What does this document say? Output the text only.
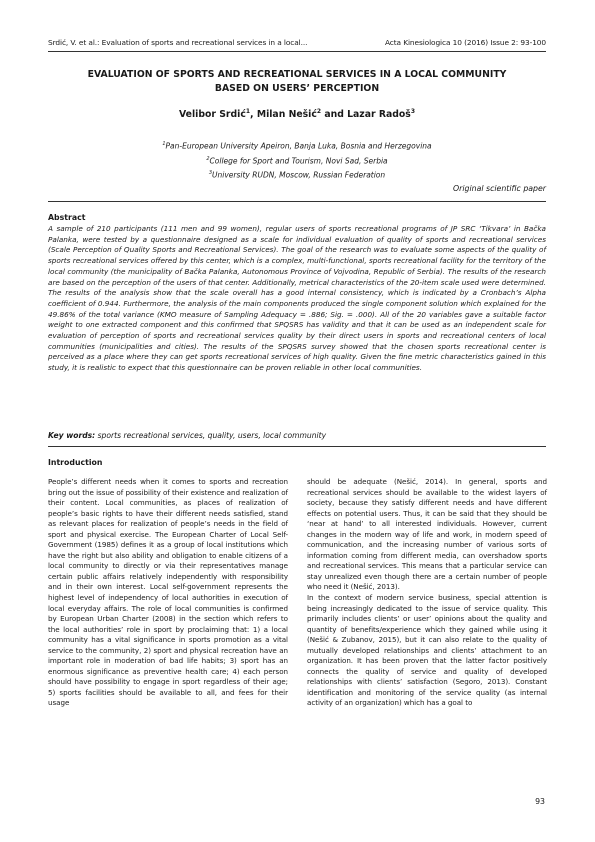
Srdić, V. et al.: Evaluation of sports and recreational services in a local...	Acta Kinesiologica 10 (2016) Issue 2: 93-100
EVALUATION OF SPORTS AND RECREATIONAL SERVICES IN A LOCAL COMMUNITY
BASED ON USERS’ PERCEPTION
Velibor Srdić$^1$, Milan Nešić$^2$ and Lazar Radoš$^3$
$^1$Pan-European University Apeiron, Banja Luka, Bosnia and Herzegovina
$^2$College for Sport and Tourism, Novi Sad, Serbia
$^3$University RUDN, Moscow, Russian Federation
Original scientific paper
Abstract
A sample of 210 participants (111 men and 99 women), regular users of sports recreational programs of JP SRC ‘Tikvara’ in Bačka Palanka, were tested by a questionnaire designed as a scale for individual evaluation of quality of sports and recreational services (Scale Perception of Quality Sports and Recreational Services). The goal of the research was to evaluate some aspects of the quality of sports recreational services offered by this center, which is a complex, multi-functional, sports recreational facility for the territory of the local community (the municipality of Bačka Palanka, Autonomous Province of Vojvodina, Republic of Serbia). The results of the research are based on the perception of the users of that center. Additionally, metrical characteristics of the 20-item scale used were determined. The results of the analysis show that the scale overall has a good internal consistency, which is indicated by a Cronbach’s Alpha coefficient of 0.944. Furthermore, the analysis of the main components produced the single component solution which explained for the 49.86% of the total variance (KMO measure of Sampling Adequacy = .886; Sig. = .000). All of the 20 variables gave a suitable factor weight to one extracted component and this confirmed that SPQSRS has validity and that it can be used as an independent scale for evaluation of perception of sports and recreational services quality by their direct users in sports and recreational centers of local communities (municipalities and cities). The results of the SPQSRS survey showed that the chosen sports recreational center is perceived as a place where they can get sports recreational services of high quality. Given the fine metric characteristics gained in this study, it is realistic to expect that this questionnaire can be proven reliable in other local communities.
Key words: sports recreational services, quality, users, local community
Introduction

People’s different needs when it comes to sports and recreation bring out the issue of possibility of their existence and realization of their content. Local communities, as places of realization of people’s basic rights to have their different needs satisfied, stand as relevant places for realization of people’s needs in the field of sport and physical exercise. The European Charter of Local Self-Government (1985) defines it as a group of local institutions which have the right but also ability and obligation to enable citizens of a local community to directly or via their representatives manage certain public affairs relatively independently with responsibility and in their own interest. Local self-government represents the highest level of independency of local authorities in execution of local everyday affairs. The role of local communities is confirmed by European Urban Charter (2008) in the section which refers to the local authorities’ role in sport by proclaiming that: 1) a local community has a vital significance in sports promotion as a vital service to the community, 2) sport and physical recreation have an important role in moderation of bad life habits; 3) sport has an enormous significance as preventive health care; 4) each person should have possibility to engage in sport regardless of their age; 5) sports facilities should be available to all, and fees for their usage

should be adequate (Nešić, 2014). In general, sports and recreational services should be available to the widest layers of society, because they satisfy different needs and have different effects on potential users. Thus, it can be said that they should be ‘near at hand’ to all interested individuals. However, current changes in the modern way of life and work, in modern speed of communication, and the increasing number of various sorts of information coming from different media, can overshadow sports and recreational services. This means that a particular service can stay unrealized even though there are a certain number of people who need it (Nešić, 2013).

In the context of modern service business, special attention is being increasingly dedicated to the issue of service quality. This primarily includes clients’ or user’ opinions about the quality and quantity of benefits/experience which they gained while using it (Nešić & Zubanov, 2015), but it can also relate to the quality of mutually developed relationships and clients’ attachment to an organization. It has been proven that the latter factor positively connects the quality of service and quality of developed relationships with clients’ satisfaction (Segoro, 2013). Constant identification and monitoring of the service quality (as internal activity of an organization) which has a goal to

93
